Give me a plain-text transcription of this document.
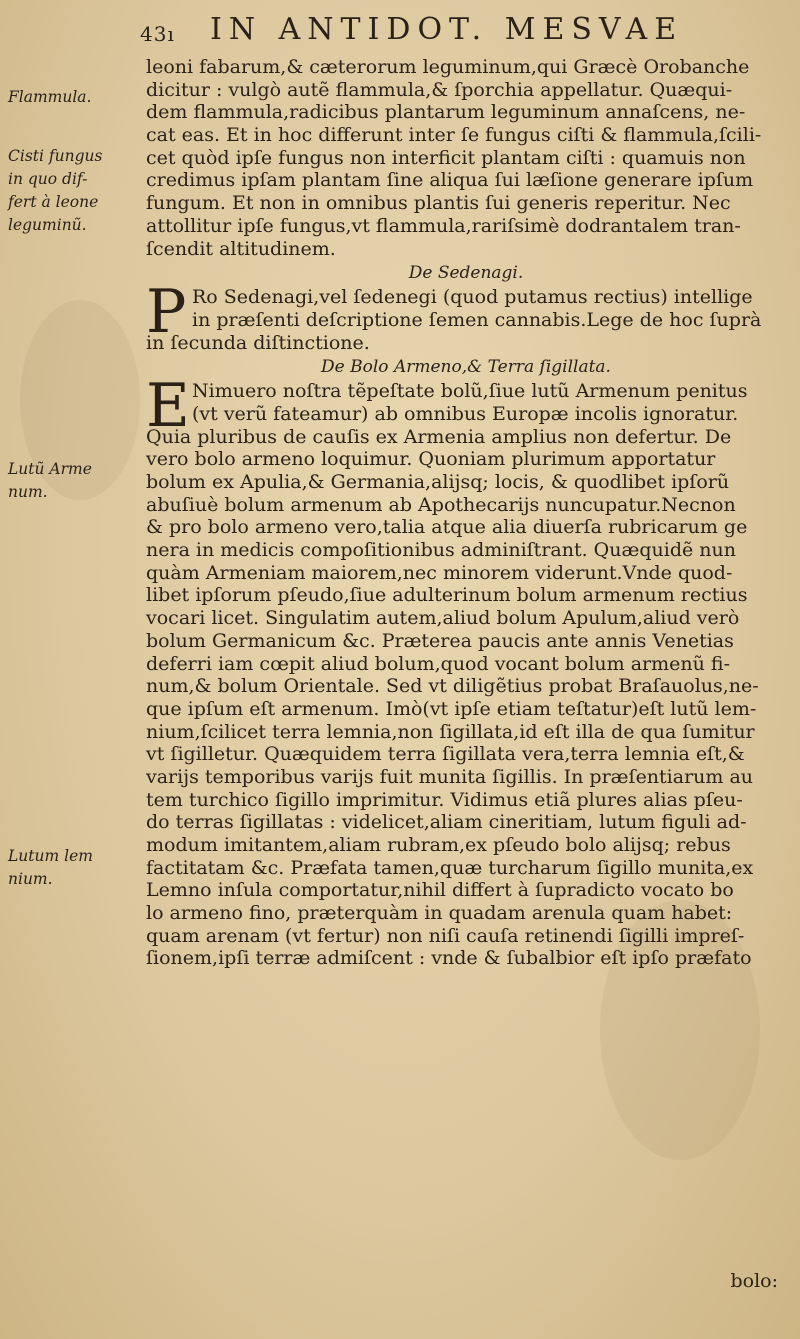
43ı IN ANTIDOT. MESVAE
Flammula.
Cisti fungus
in quo dif-
fert à leone
leguminũ.
Lutũ Arme
num.
Lutum lem
nium.
leoni fabarum,& cæterorum leguminum,qui Græcè Orobanche
dicitur : vulgò autẽ flammula,& ſporchia appellatur. Quæqui-
dem flammula,radicibus plantarum leguminum annaſcens, ne-
cat eas. Et in hoc differunt inter ſe fungus ciſti & flammula,ſcili-
cet quòd ipſe fungus non interficit plantam ciſti : quamuis non
credimus ipſam plantam ſine aliqua ſui læſione generare ipſum
fungum. Et non in omnibus plantis ſui generis reperitur. Nec
attollitur ipſe fungus,vt flammula,rariſsimè dodrantalem tran-
ſcendit altitudinem.
De Sedenagi.
P Ro Sedenagi,vel ſedenegi (quod putamus rectius) intellige
in præſenti deſcriptione ſemen cannabis.Lege de hoc ſuprà
in ſecunda diſtinctione.
De Bolo Armeno,& Terra ſigillata.
E Nimuero noſtra tẽpeſtate bolũ,ſiue lutũ Armenum penitus
(vt verũ fateamur) ab omnibus Europæ incolis ignoratur.
Quia pluribus de cauſis ex Armenia amplius non defertur. De
vero bolo armeno loquimur. Quoniam plurimum apportatur
bolum ex Apulia,& Germania,alijsq; locis, & quodlibet ipſorũ
abuſiuè bolum armenum ab Apothecarijs nuncupatur.Necnon
& pro bolo armeno vero,talia atque alia diuerſa rubricarum ge
nera in medicis compoſitionibus adminiſtrant. Quæquidẽ nun
quàm Armeniam maiorem,nec minorem viderunt.Vnde quod-
libet ipſorum pſeudo,ſiue adulterinum bolum armenum rectius
vocari licet. Singulatim autem,aliud bolum Apulum,aliud verò
bolum Germanicum &c. Præterea paucis ante annis Venetias
deferri iam cœpit aliud bolum,quod vocant bolum armenũ fi-
num,& bolum Orientale. Sed vt diligẽtius probat Braſauolus,ne-
que ipſum eſt armenum. Imò(vt ipſe etiam teſtatur)eſt lutũ lem-
nium,ſcilicet terra lemnia,non ſigillata,id eſt illa de qua ſumitur
vt ſigilletur. Quæquidem terra ſigillata vera,terra lemnia eſt,&
varijs temporibus varijs fuit munita ſigillis. In præſentiarum au
tem turchico ſigillo imprimitur. Vidimus etiã plures alias pſeu-
do terras ſigillatas : videlicet,aliam cineritiam, lutum figuli ad-
modum imitantem,aliam rubram,ex pſeudo bolo alijsq; rebus
factitatam &c. Præfata tamen,quæ turcharum ſigillo munita,ex
Lemno inſula comportatur,nihil differt à ſupradicto vocato bo
lo armeno fino, præterquàm in quadam arenula quam habet:
quam arenam (vt fertur) non niſi cauſa retinendi ſigilli impreſ-
ſionem,ipſi terræ admiſcent : vnde & ſubalbior eſt ipſo præfato
bolo:
